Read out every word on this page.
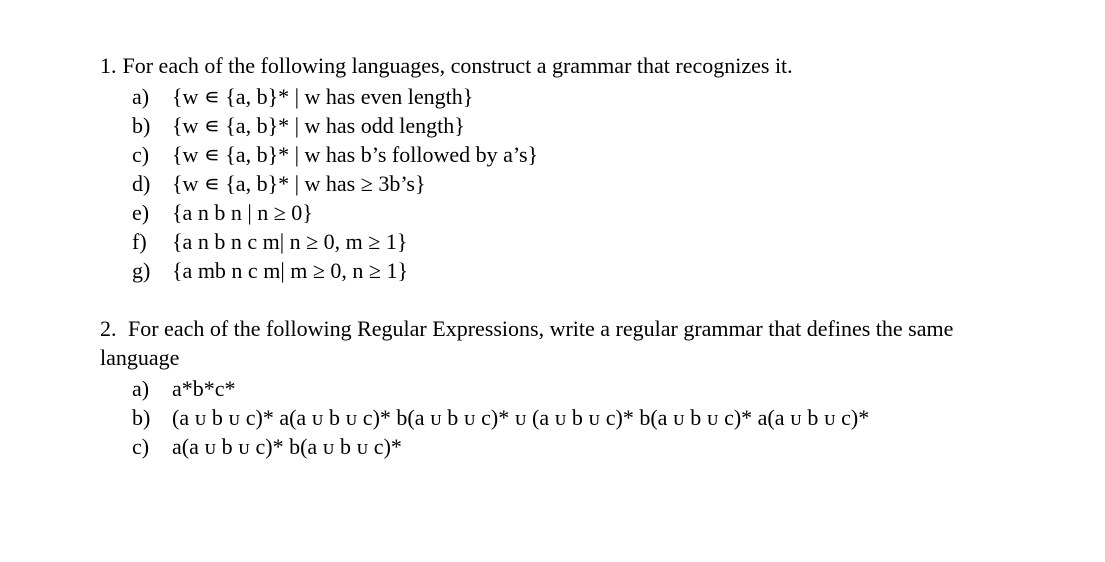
1. For each of the following languages, construct a grammar that recognizes it.
a)	{w ∊ {a, b}* | w has even length}
b) {w ∊ {a, b}* | w has odd length}
c)	{w ∊ {a, b}* | w has b’s followed by a’s}
d) {w ∊ {a, b}* | w has ≥ 3b’s}
e)	{a n b n | n ≥ 0}
f)	{a n b n c m| n ≥ 0, m ≥ 1}
g) {a mb n c m| m ≥ 0, n ≥ 1}
2. For each of the following Regular Expressions, write a regular grammar that defines the same language
a)	a*b*c*
b) (a ᴜ b ᴜ c)* a(a ᴜ b ᴜ c)* b(a ᴜ b ᴜ c)* ᴜ (a ᴜ b ᴜ c)* b(a ᴜ b ᴜ c)* a(a ᴜ b ᴜ c)*
c)	a(a ᴜ b ᴜ c)* b(a ᴜ b ᴜ c)*
